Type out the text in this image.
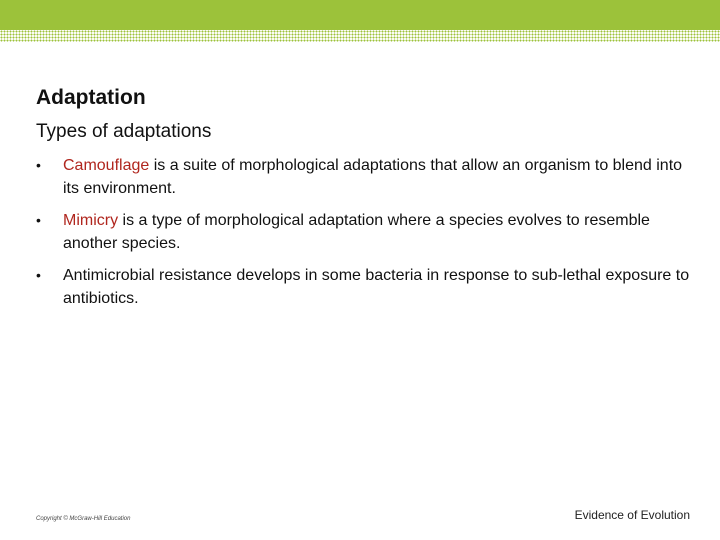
Adaptation
Types of adaptations
• Camouflage is a suite of morphological adaptations that allow an organism to blend into its environment.
• Mimicry is a type of morphological adaptation where a species evolves to resemble another species.
• Antimicrobial resistance develops in some bacteria in response to sub-lethal exposure to antibiotics.
Copyright © McGraw-Hill Education	Evidence of Evolution
